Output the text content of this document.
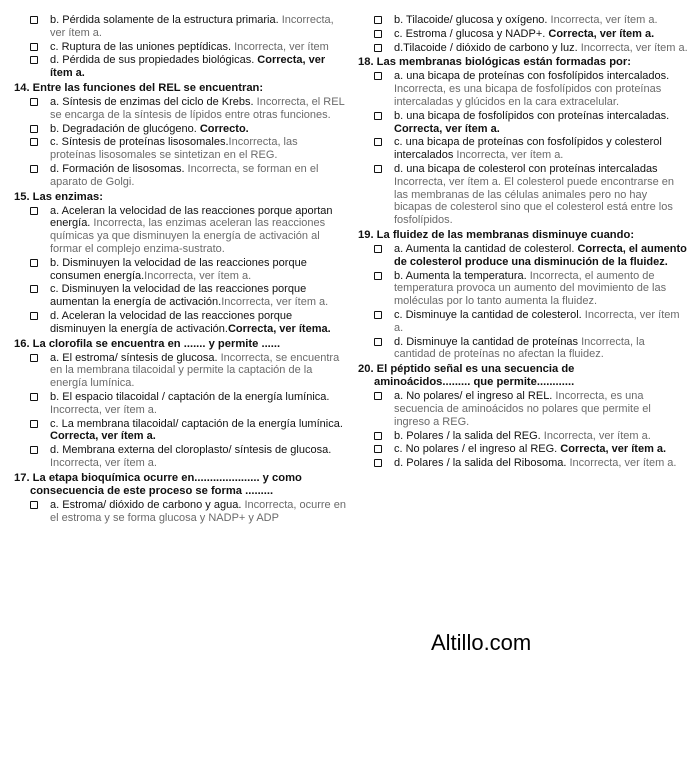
b. Pérdida solamente de la estructura primaria. Incorrecta, ver ítem a.
c. Ruptura de las uniones peptídicas. Incorrecta, ver ítem
d. Pérdida de sus propiedades biológicas. Correcta, ver ítem a.
14. Entre las funciones del REL se encuentran:
a. Síntesis de enzimas del ciclo de Krebs. Incorrecta, el REL se encarga de la síntesis de lípidos entre otras funciones.
b. Degradación de glucógeno. Correcto.
c. Síntesis de proteínas lisosomales.Incorrecta, las proteínas lisosomales se sintetizan en el REG.
d. Formación de lisosomas. Incorrecta, se forman en el aparato de Golgi.
15. Las enzimas:
a. Aceleran la velocidad de las reacciones porque aportan energía. Incorrecta, las enzimas aceleran las reacciones químicas ya que disminuyen la energía de activación al formar el complejo enzima-sustrato.
b. Disminuyen la velocidad de las reacciones porque consumen energía.Incorrecta, ver ítem a.
c. Disminuyen la velocidad de las reacciones porque aumentan la energía de activación.Incorrecta, ver ítem a.
d. Aceleran la velocidad de las reacciones porque disminuyen la energía de activación.Correcta, ver ítema.
16. La clorofila se encuentra en ....... y permite ......
a. El estroma/ síntesis de glucosa. Incorrecta, se encuentra en la membrana tilacoidal y permite la captación de la energía lumínica.
b. El espacio tilacoidal / captación de la energía lumínica. Incorrecta, ver ítem a.
c. La membrana tilacoidal/ captación de la energía lumínica. Correcta, ver ítem a.
d. Membrana externa del cloroplasto/ síntesis de glucosa. Incorrecta, ver ítem a.
17. La etapa bioquímica ocurre en..................... y como
consecuencia de este proceso se forma .........
a. Estroma/ dióxido de carbono y agua. Incorrecta, ocurre en el estroma y se forma glucosa y NADP+ y ADP
b. Tilacoide/ glucosa y oxígeno. Incorrecta, ver ítem a.
c. Estroma / glucosa y NADP+. Correcta, ver ítem a.
d.Tilacoide / dióxido de carbono y luz. Incorrecta, ver ítem a.
18. Las membranas biológicas están formadas por:
a. una bicapa de proteínas con fosfolípidos intercalados. Incorrecta, es una bicapa de fosfolípidos con proteínas intercaladas y glúcidos en la cara extracelular.
b. una bicapa de fosfolípidos con proteínas intercaladas. Correcta, ver ítem a.
c. una bicapa de proteínas con fosfolípidos y colesterol intercalados Incorrecta, ver ítem a.
d. una bicapa de colesterol con proteínas intercaladas Incorrecta, ver ítem a. El colesterol puede encontrarse en las membranas de las células animales pero no hay bicapas de colesterol sino que el colesterol está entre los fosfolípidos.
19. La fluidez de las membranas disminuye cuando:
a. Aumenta la cantidad de colesterol. Correcta, el aumento de colesterol produce una disminución de la fluidez.
b. Aumenta la temperatura. Incorrecta, el aumento de temperatura provoca un aumento del movimiento de las moléculas por lo tanto aumenta la fluidez.
c. Disminuye la cantidad de colesterol. Incorrecta, ver ítem a.
d. Disminuye la cantidad de proteínas Incorrecta, la cantidad de proteínas no afectan la fluidez.
20. El péptido señal es una secuencia de
aminoácidos......... que permite............
a. No polares/ el ingreso al REL. Incorrecta, es una secuencia de aminoácidos no polares que permite el ingreso a REG.
b. Polares / la salida del REG. Incorrecta, ver ítem a.
c. No polares / el ingreso al REG. Correcta, ver ítem a.
d. Polares / la salida del Ribosoma. Incorrecta, ver ítem a.
Altillo.com
